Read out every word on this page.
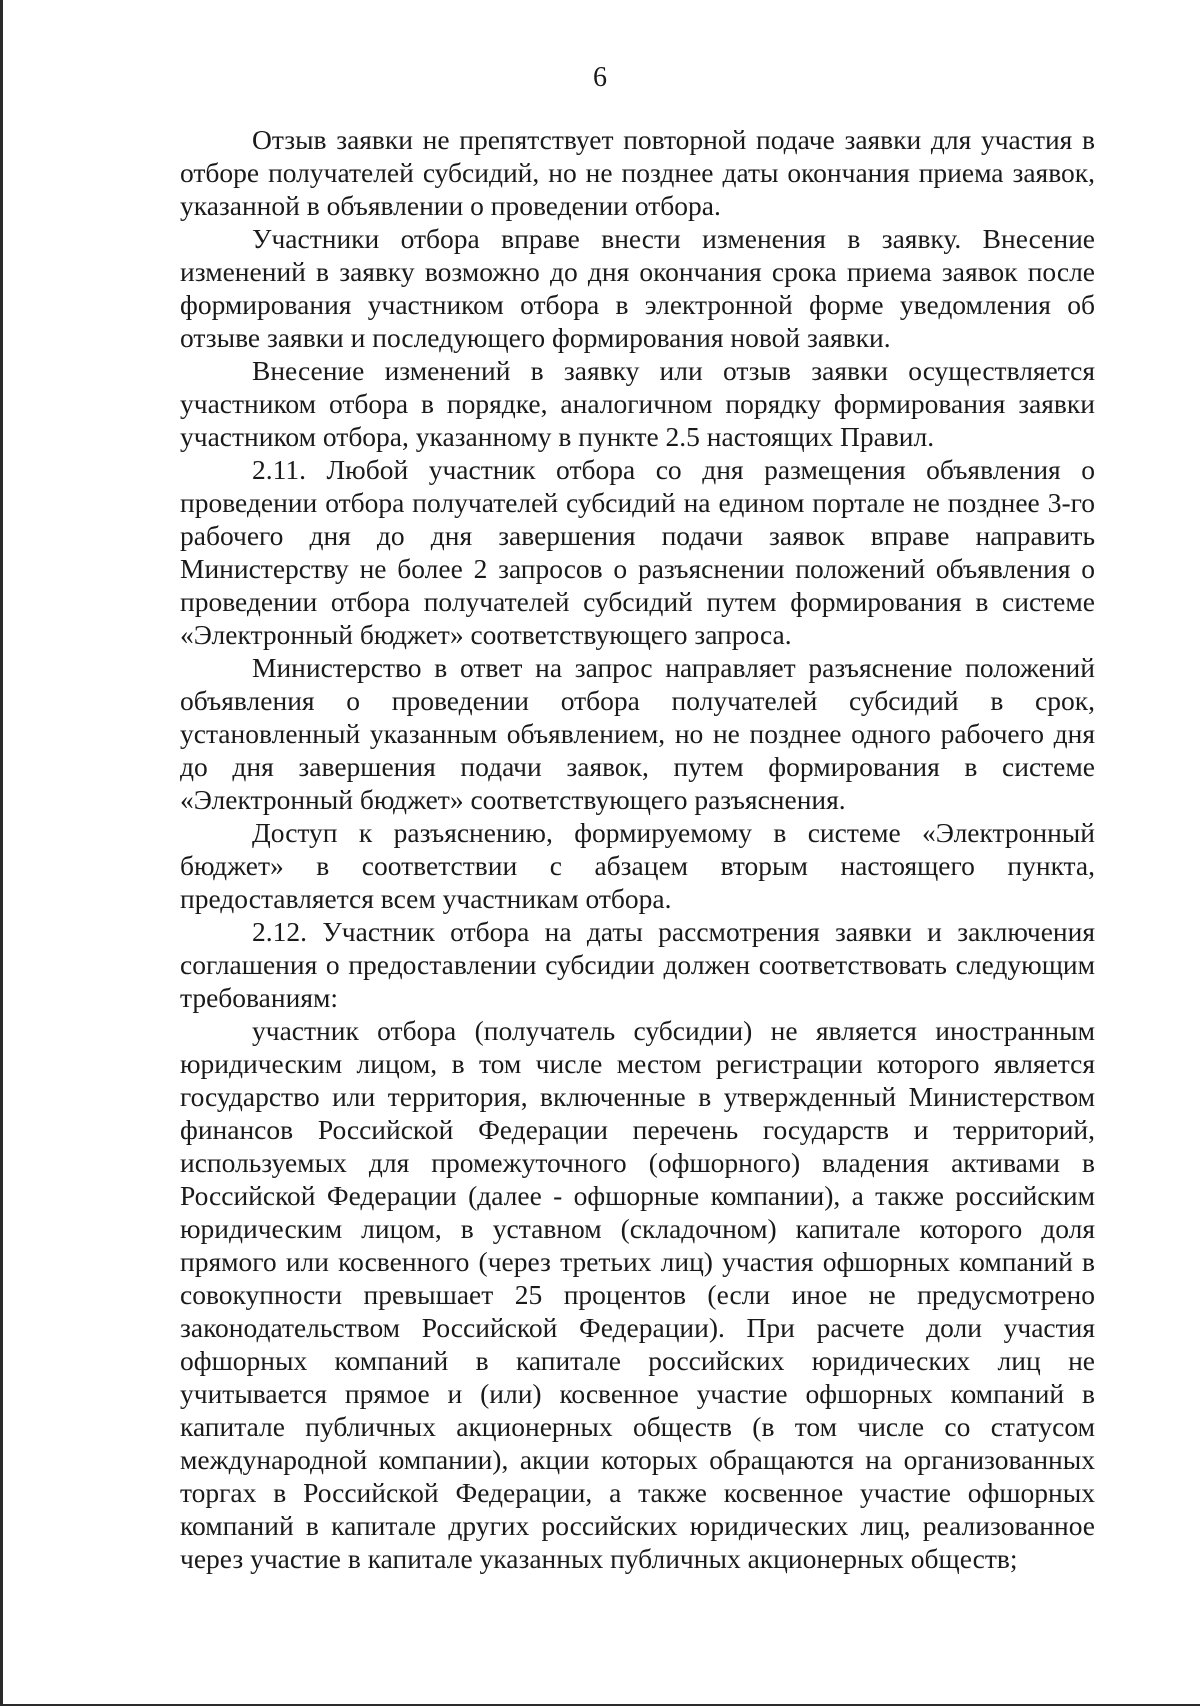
6

Отзыв заявки не препятствует повторной подаче заявки для участия в отборе получателей субсидий, но не позднее даты окончания приема заявок, указанной в объявлении о проведении отбора.

Участники отбора вправе внести изменения в заявку. Внесение изменений в заявку возможно до дня окончания срока приема заявок после формирования участником отбора в электронной форме уведомления об отзыве заявки и последующего формирования новой заявки.

Внесение изменений в заявку или отзыв заявки осуществляется участником отбора в порядке, аналогичном порядку формирования заявки участником отбора, указанному в пункте 2.5 настоящих Правил.

2.11. Любой участник отбора со дня размещения объявления о проведении отбора получателей субсидий на едином портале не позднее 3-го рабочего дня до дня завершения подачи заявок вправе направить Министерству не более 2 запросов о разъяснении положений объявления о проведении отбора получателей субсидий путем формирования в системе «Электронный бюджет» соответствующего запроса.

Министерство в ответ на запрос направляет разъяснение положений объявления о проведении отбора получателей субсидий в срок, установленный указанным объявлением, но не позднее одного рабочего дня до дня завершения подачи заявок, путем формирования в системе «Электронный бюджет» соответствующего разъяснения.

Доступ к разъяснению, формируемому в системе «Электронный бюджет» в соответствии с абзацем вторым настоящего пункта, предоставляется всем участникам отбора.

2.12. Участник отбора на даты рассмотрения заявки и заключения соглашения о предоставлении субсидии должен соответствовать следующим требованиям:

участник отбора (получатель субсидии) не является иностранным юридическим лицом, в том числе местом регистрации которого является государство или территория, включенные в утвержденный Министерством финансов Российской Федерации перечень государств и территорий, используемых для промежуточного (офшорного) владения активами в Российской Федерации (далее - офшорные компании), а также российским юридическим лицом, в уставном (складочном) капитале которого доля прямого или косвенного (через третьих лиц) участия офшорных компаний в совокупности превышает 25 процентов (если иное не предусмотрено законодательством Российской Федерации). При расчете доли участия офшорных компаний в капитале российских юридических лиц не учитывается прямое и (или) косвенное участие офшорных компаний в капитале публичных акционерных обществ (в том числе со статусом международной компании), акции которых обращаются на организованных торгах в Российской Федерации, а также косвенное участие офшорных компаний в капитале других российских юридических лиц, реализованное через участие в капитале указанных публичных акционерных обществ;
